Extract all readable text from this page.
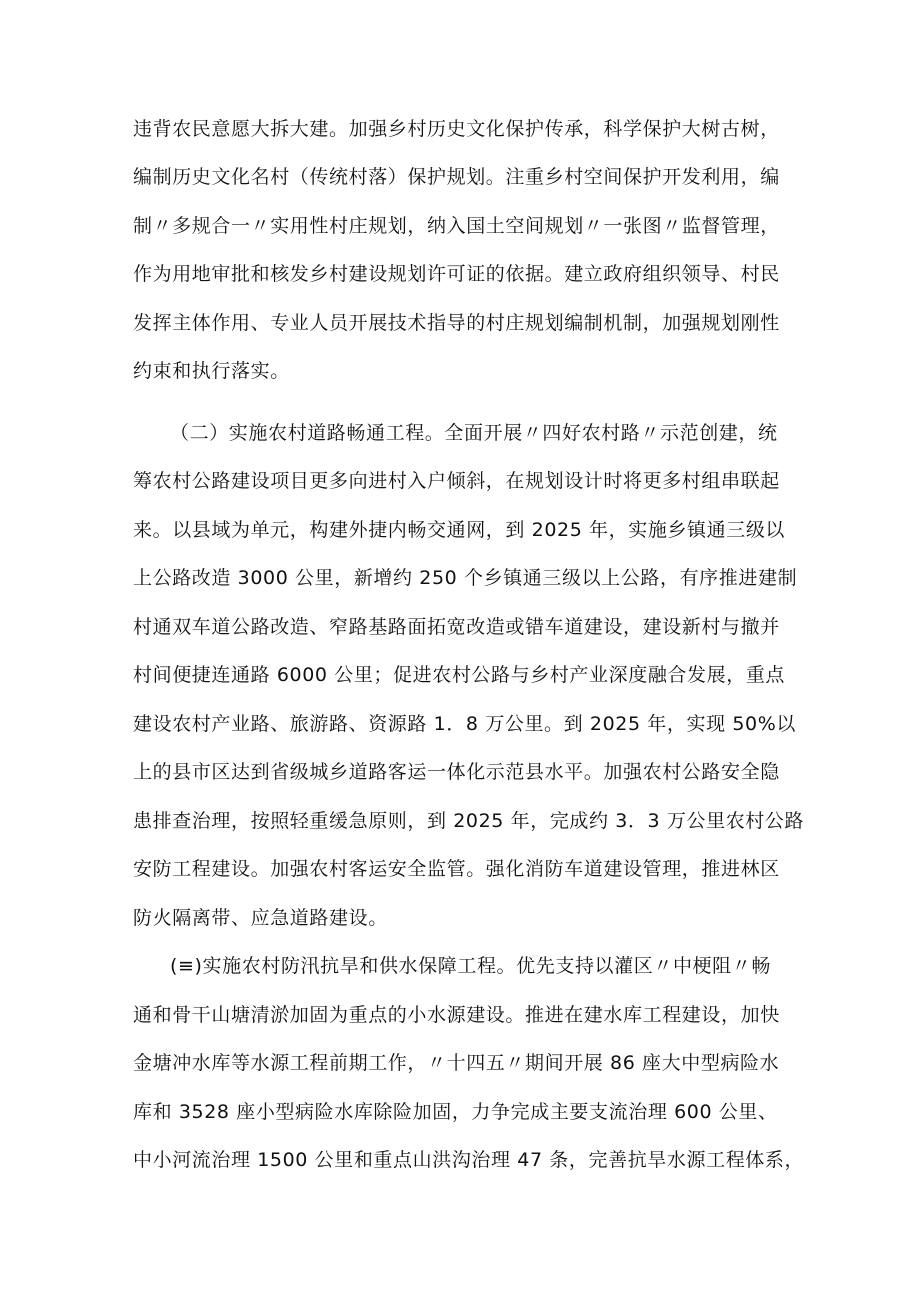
违背农民意愿大拆大建。加强乡村历史文化保护传承，科学保护大树古树，
编制历史文化名村（传统村落）保护规划。注重乡村空间保护开发利用，编
制〃多规合一〃实用性村庄规划，纳入国土空间规划〃一张图〃监督管理，
作为用地审批和核发乡村建设规划许可证的依据。建立政府组织领导、村民
发挥主体作用、专业人员开展技术指导的村庄规划编制机制，加强规划刚性
约束和执行落实。
（二）实施农村道路畅通工程。全面开展〃四好农村路〃示范创建，统
筹农村公路建设项目更多向进村入户倾斜，在规划设计时将更多村组串联起
来。以县域为单元，构建外捷内畅交通网，到 2025 年，实施乡镇通三级以
上公路改造 3000 公里，新增约 250 个乡镇通三级以上公路，有序推进建制
村通双车道公路改造、窄路基路面拓宽改造或错车道建设，建设新村与撤并
村间便捷连通路 6000 公里；促进农村公路与乡村产业深度融合发展，重点
建设农村产业路、旅游路、资源路 1．8 万公里。到 2025 年，实现 50%以
上的县市区达到省级城乡道路客运一体化示范县水平。加强农村公路安全隐
患排查治理，按照轻重缓急原则，到 2025 年，完成约 3．3 万公里农村公路
安防工程建设。加强农村客运安全监管。强化消防车道建设管理，推进林区
防火隔离带、应急道路建设。
(≡)实施农村防汛抗旱和供水保障工程。优先支持以灌区〃中梗阻〃畅
通和骨干山塘清淤加固为重点的小水源建设。推进在建水库工程建设，加快
金塘冲水库等水源工程前期工作，〃十四五〃期间开展 86 座大中型病险水
库和 3528 座小型病险水库除险加固，力争完成主要支流治理 600 公里、
中小河流治理 1500 公里和重点山洪沟治理 47 条，完善抗旱水源工程体系，
